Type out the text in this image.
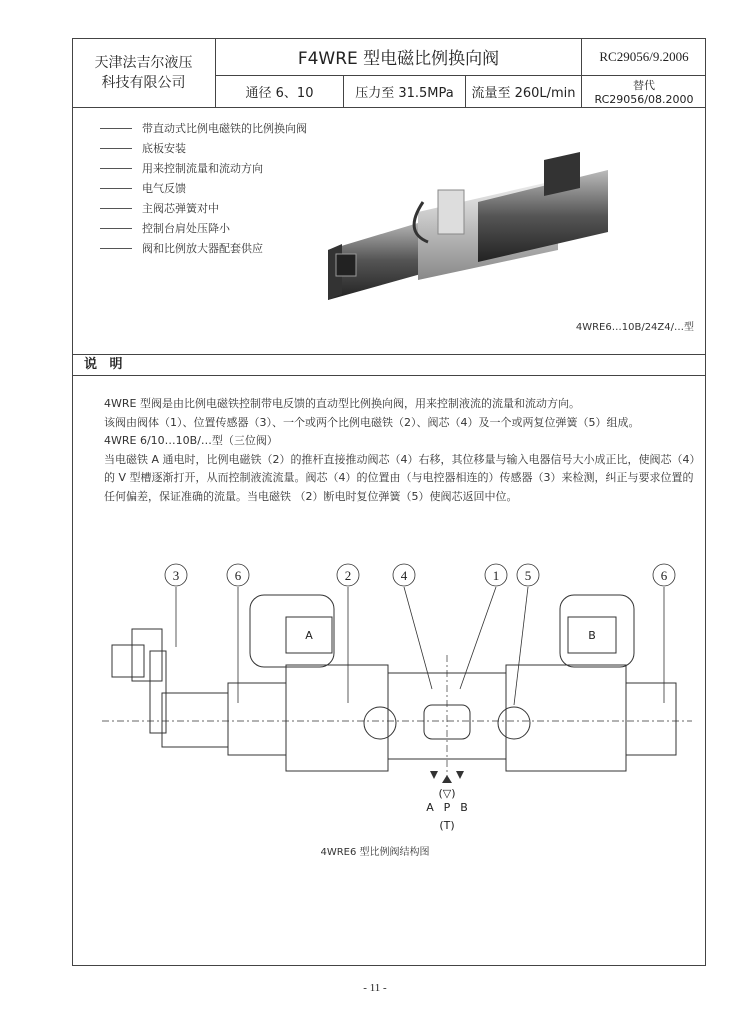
天津法吉尔液压
科技有限公司
F4WRE 型电磁比例换向阀	RC29056/9.2006
通径 6、10	压力至 31.5MPa	流量至 260L/min
替代 RC29056/08.2000
带直动式比例电磁铁的比例换向阀
底板安装
用来控制流量和流动方向
电气反馈
主阀芯弹簧对中
控制台肩处压降小
阀和比例放大器配套供应
4WRE6…10B/24Z4/…型
说 明

4WRE 型阀是由比例电磁铁控制带电反馈的直动型比例换向阀，用来控制液流的流量和流动方向。

该阀由阀体（1）、位置传感器（3）、一个或两个比例电磁铁（2）、阀芯（4）及一个或两复位弹簧（5）组成。

4WRE 6/10…10B/…型（三位阀）

当电磁铁 A 通电时，比例电磁铁（2）的推杆直接推动阀芯（4）右移，其位移量与输入电器信号大小成正比，使阀芯（4）的 V 型槽逐渐打开，从而控制液流流量。阀芯（4）的位置由（与电控器相连的）传感器（3）来检测，纠正与要求位置的任何偏差，保证准确的流量。当电磁铁 （2）断电时复位弹簧（5）使阀芯返回中位。

3	6	2	4	1 5	6
A	B
(▽)
A P B
(T)
4WRE6 型比例阀结构图
- 11 -
